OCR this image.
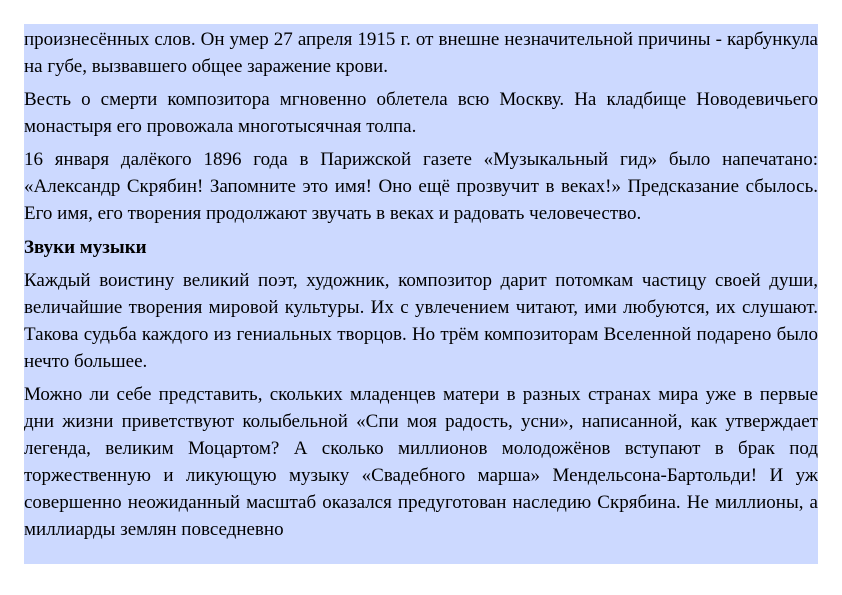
произнесённых слов. Он умер 27 апреля 1915 г. от внешне незначительной причины - карбункула на губе, вызвавшего общее заражение крови.

Весть о смерти композитора мгновенно облетела всю Москву. На кладбище Новодевичьего монастыря его провожала многотысячная толпа.

16 января далёкого 1896 года в Парижской газете «Музыкальный гид» было напечатано: «Александр Скрябин! Запомните это имя! Оно ещё прозвучит в веках!» Предсказание сбылось. Его имя, его творения продолжают звучать в веках и радовать человечество.

Звуки музыки

Каждый воистину великий поэт, художник, композитор дарит потомкам частицу своей души, величайшие творения мировой культуры. Их с увлечением читают, ими любуются, их слушают. Такова судьба каждого из гениальных творцов. Но трём композиторам Вселенной подарено было нечто большее.

Можно ли себе представить, скольких младенцев матери в разных странах мира уже в первые дни жизни приветствуют колыбельной «Спи моя радость, усни», написанной, как утверждает легенда, великим Моцартом? А сколько миллионов молодожёнов вступают в брак под торжественную и ликующую музыку «Свадебного марша» Мендельсона-Бартольди! И уж совершенно неожиданный масштаб оказался предуготован наследию Скрябина. Не миллионы, а миллиарды землян повседневно
